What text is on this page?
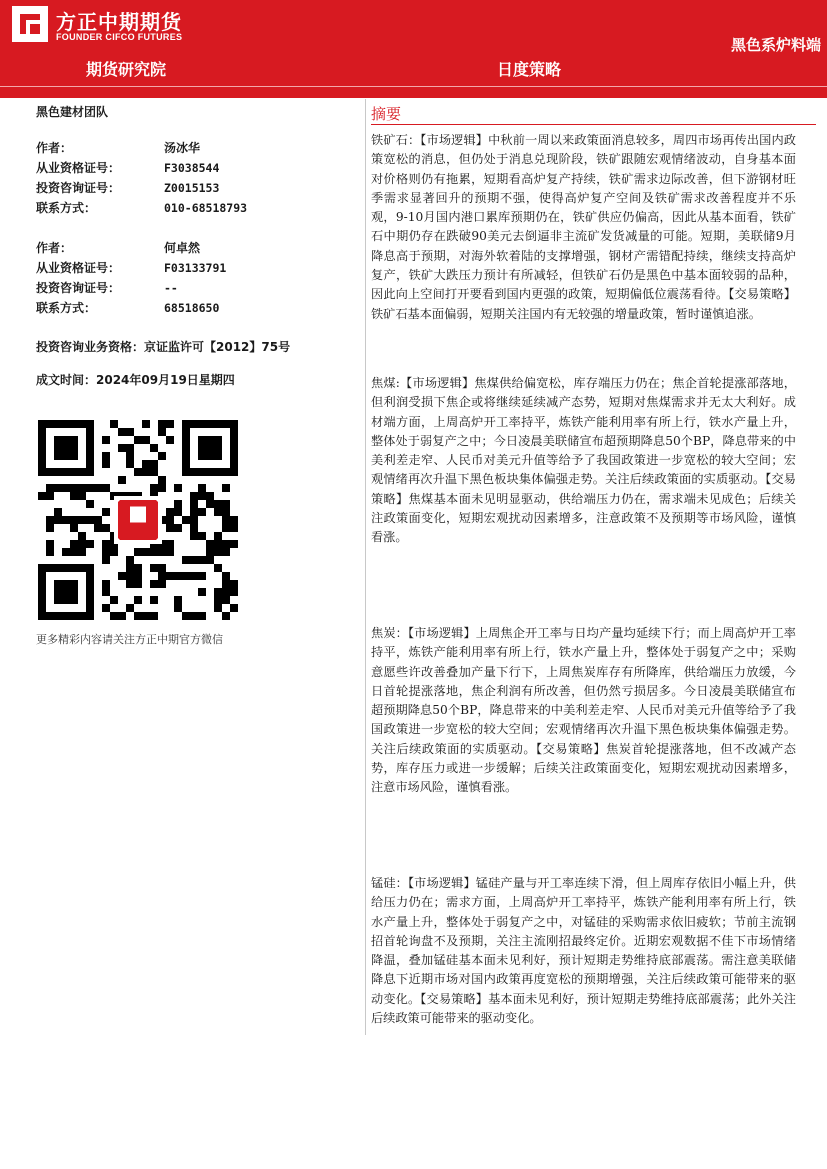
方正中期期货
FOUNDER CIFCO FUTURES	黑色系炉料端
期货研究院	日度策略
黑色建材团队
作者：	汤冰华
从业资格证号：	F3038544
投资咨询证号：	Z0015153
联系方式：	010-68518793
作者：	何卓然
从业资格证号：	F03133791
投资咨询证号：	--
联系方式：	68518650
投资咨询业务资格：京证监许可【2012】75号
成文时间：2024年09月19日星期四
更多精彩内容请关注方正中期官方微信
摘要
铁矿石：【市场逻辑】中秋前一周以来政策面消息较多，周四市场再传出国内政策宽松的消息，但仍处于消息兑现阶段，铁矿跟随宏观情绪波动，自身基本面对价格则仍有拖累，短期看高炉复产持续，铁矿需求边际改善，但下游钢材旺季需求显著回升的预期不强，使得高炉复产空间及铁矿需求改善程度并不乐观，9-10月国内港口累库预期仍在，铁矿供应仍偏高，因此从基本面看，铁矿石中期仍存在跌破90美元去倒逼非主流矿发货减量的可能。短期，美联储9月降息高于预期，对海外软着陆的支撑增强，钢材产需错配持续，继续支持高炉复产，铁矿大跌压力预计有所减轻，但铁矿石仍是黑色中基本面较弱的品种，因此向上空间打开要看到国内更强的政策，短期偏低位震荡看待。【交易策略】铁矿石基本面偏弱，短期关注国内有无较强的增量政策，暂时谨慎追涨。
焦煤:【市场逻辑】焦煤供给偏宽松，库存端压力仍在；焦企首轮提涨部落地，但利润受损下焦企或将继续延续减产态势，短期对焦煤需求并无太大利好。成材端方面，上周高炉开工率持平，炼铁产能利用率有所上行，铁水产量上升，整体处于弱复产之中；今日凌晨美联储宣布超预期降息50个BP，降息带来的中美利差走窄、人民币对美元升值等给予了我国政策进一步宽松的较大空间；宏观情绪再次升温下黑色板块集体偏强走势。关注后续政策面的实质驱动。【交易策略】焦煤基本面未见明显驱动，供给端压力仍在，需求端未见成色；后续关注政策面变化，短期宏观扰动因素增多，注意政策不及预期等市场风险，谨慎看涨。
焦炭：【市场逻辑】上周焦企开工率与日均产量均延续下行；而上周高炉开工率持平，炼铁产能利用率有所上行，铁水产量上升，整体处于弱复产之中；采购意愿些许改善叠加产量下行下，上周焦炭库存有所降库，供给端压力放缓，今日首轮提涨落地，焦企利润有所改善，但仍然亏损居多。今日凌晨美联储宣布超预期降息50个BP，降息带来的中美利差走窄、人民币对美元升值等给予了我国政策进一步宽松的较大空间；宏观情绪再次升温下黑色板块集体偏强走势。关注后续政策面的实质驱动。【交易策略】焦炭首轮提涨落地，但不改减产态势，库存压力或进一步缓解；后续关注政策面变化，短期宏观扰动因素增多，注意市场风险，谨慎看涨。
锰硅：【市场逻辑】锰硅产量与开工率连续下滑，但上周库存依旧小幅上升，供给压力仍在；需求方面，上周高炉开工率持平，炼铁产能利用率有所上行，铁水产量上升，整体处于弱复产之中，对锰硅的采购需求依旧疲软；节前主流钢招首轮询盘不及预期，关注主流刚招最终定价。近期宏观数据不佳下市场情绪降温，叠加锰硅基本面未见利好，预计短期走势维持底部震荡。需注意美联储降息下近期市场对国内政策再度宽松的预期增强，关注后续政策可能带来的驱动变化。【交易策略】基本面未见利好，预计短期走势维持底部震荡；此外关注后续政策可能带来的驱动变化。
